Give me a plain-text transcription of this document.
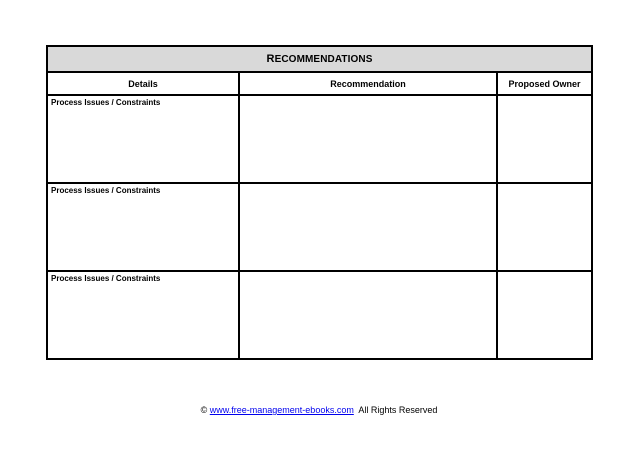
RECOMMENDATIONS		
Details	Recommendation	Proposed Owner

Process Issues / Constraints		

Process Issues / Constraints		

Process Issues / Constraints		

© www.free-management-ebooks.com All Rights Reserved
